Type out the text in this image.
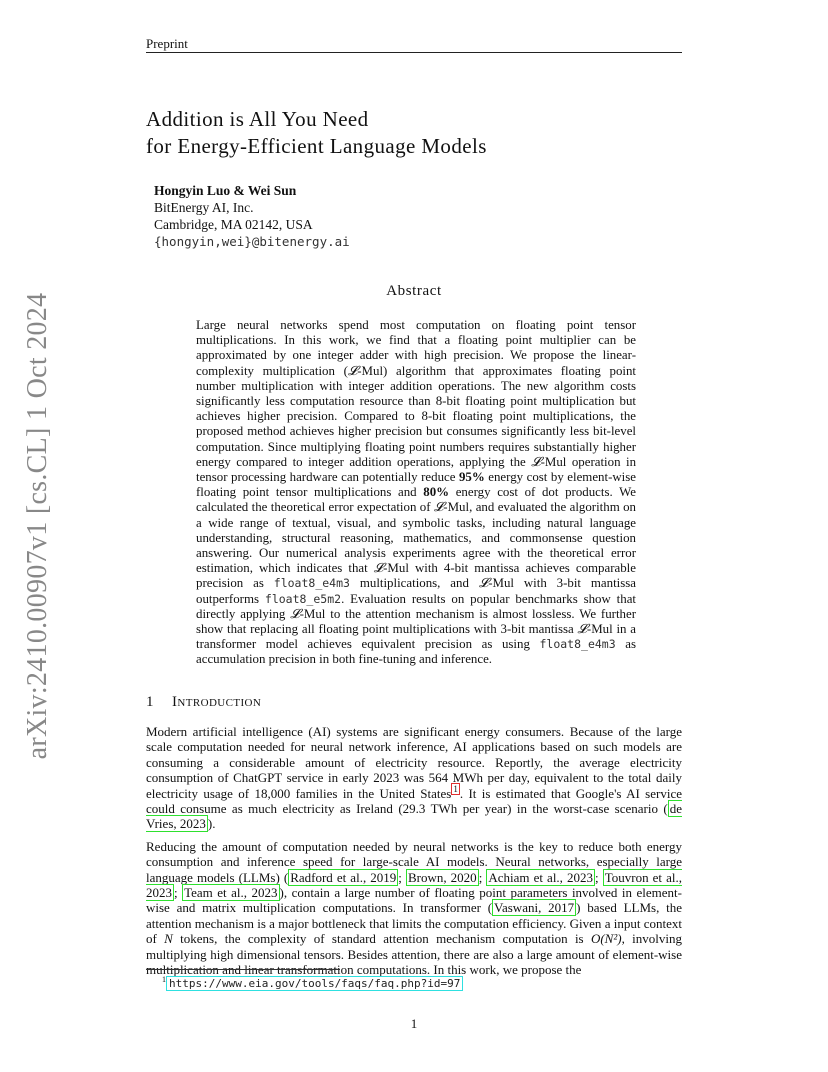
Preprint
arXiv:2410.00907v1 [cs.CL] 1 Oct 2024
Addition is All You Need
for Energy-Efficient Language Models
Hongyin Luo & Wei Sun
BitEnergy AI, Inc.
Cambridge, MA 02142, USA
{hongyin,wei}@bitenergy.ai
Abstract
Large neural networks spend most computation on floating point tensor multiplications. In this work, we find that a floating point multiplier can be approximated by one integer adder with high precision. We propose the linear-complexity multiplication (𝓛-Mul) algorithm that approximates floating point number multiplication with integer addition operations. The new algorithm costs significantly less computation resource than 8-bit floating point multiplication but achieves higher precision. Compared to 8-bit floating point multiplications, the proposed method achieves higher precision but consumes significantly less bit-level computation. Since multiplying floating point numbers requires substantially higher energy compared to integer addition operations, applying the 𝓛-Mul operation in tensor processing hardware can potentially reduce 95% energy cost by element-wise floating point tensor multiplications and 80% energy cost of dot products. We calculated the theoretical error expectation of 𝓛-Mul, and evaluated the algorithm on a wide range of textual, visual, and symbolic tasks, including natural language understanding, structural reasoning, mathematics, and commonsense question answering. Our numerical analysis experiments agree with the theoretical error estimation, which indicates that 𝓛-Mul with 4-bit mantissa achieves comparable precision as float8_e4m3 multiplications, and 𝓛-Mul with 3-bit mantissa outperforms float8_e5m2. Evaluation results on popular benchmarks show that directly applying 𝓛-Mul to the attention mechanism is almost lossless. We further show that replacing all floating point multiplications with 3-bit mantissa 𝓛-Mul in a transformer model achieves equivalent precision as using float8_e4m3 as accumulation precision in both fine-tuning and inference.
1 Introduction

Modern artificial intelligence (AI) systems are significant energy consumers. Because of the large scale computation needed for neural network inference, AI applications based on such models are consuming a considerable amount of electricity resource. Reportly, the average electricity consumption of ChatGPT service in early 2023 was 564 MWh per day, equivalent to the total daily electricity usage of 18,000 families in the United States $^1$ . It is estimated that Google's AI service could consume as much electricity as Ireland (29.3 TWh per year) in the worst-case scenario ( de Vries, 2023 ).

Reducing the amount of computation needed by neural networks is the key to reduce both energy consumption and inference speed for large-scale AI models. Neural networks, especially large language models (LLMs) ( Radford et al., 2019 ; Brown, 2020 ; Achiam et al., 2023 ; Touvron et al., 2023 ; Team et al., 2023 ), contain a large number of floating point parameters involved in element-wise and matrix multiplication computations. In transformer ( Vaswani, 2017 ) based LLMs, the attention mechanism is a major bottleneck that limits the computation efficiency. Given a input context of N tokens, the complexity of standard attention mechanism computation is O(N²), involving multiplying high dimensional tensors. Besides attention, there are also a large amount of element-wise multiplication and linear transformation computations. In this work, we propose the

$^1$ https://www.eia.gov/tools/faqs/faq.php?id=97
1
